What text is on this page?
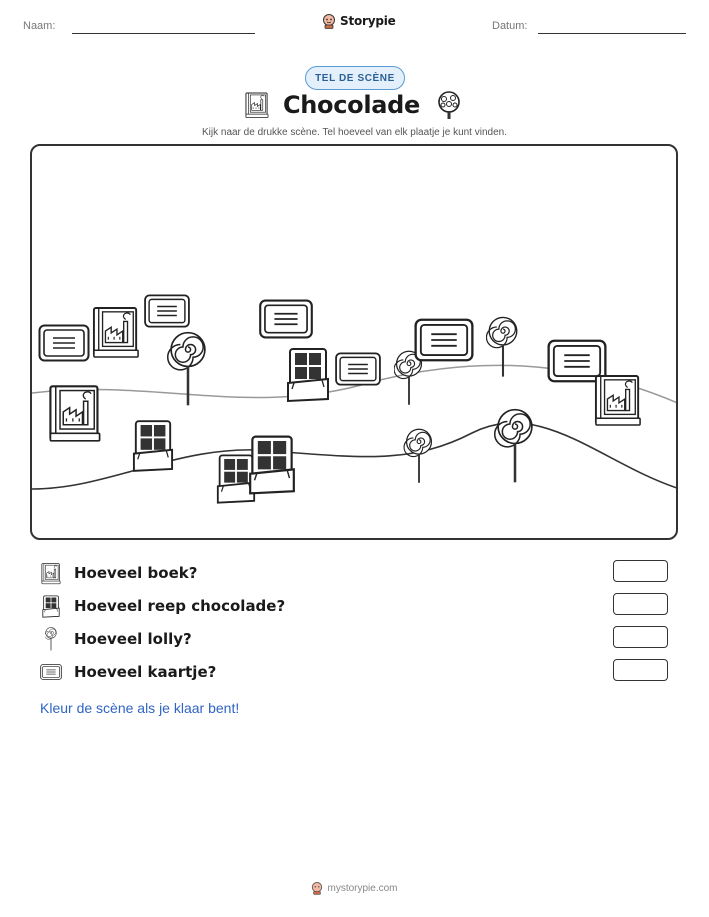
Naam:	Storypie	Datum:
TEL DE SCÈNE
Chocolade
Kijk naar de drukke scène. Tel hoeveel van elk plaatje je kunt vinden.
Hoeveel boek?
Hoeveel reep chocolade?
Hoeveel lolly?
Hoeveel kaartje?
Kleur de scène als je klaar bent!
mystorypie.com
